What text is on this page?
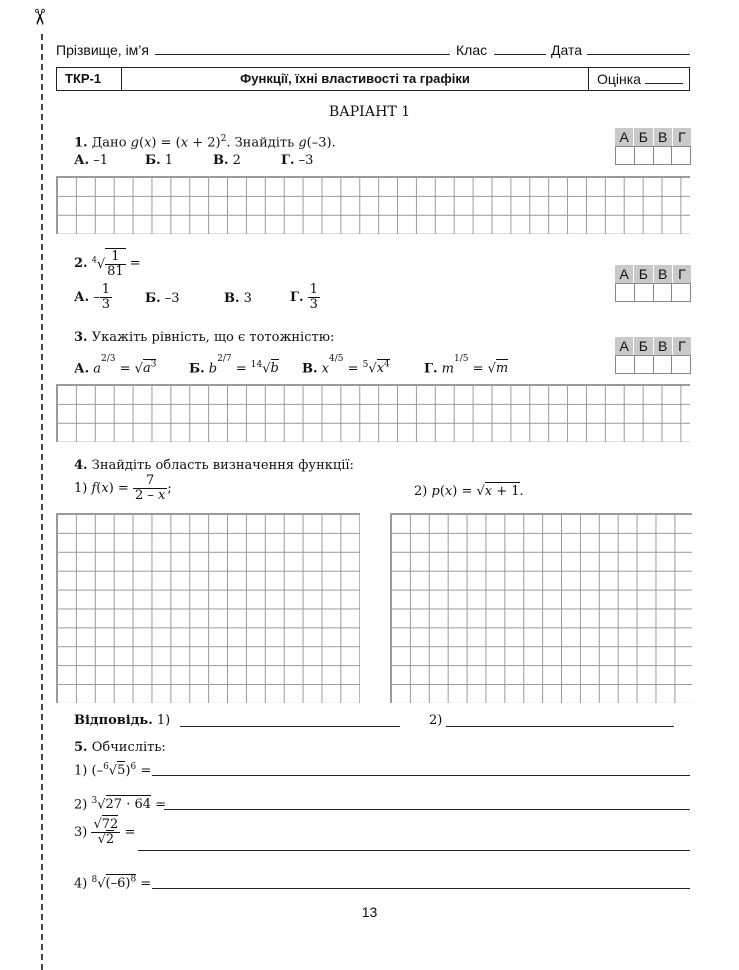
✂
Прізвище, ім’я	Клас	Дата
ТКР-1	Функції, їхні властивості та графіки	Оцінка
ВАРІАНТ 1
1. Дано $g(x) = (x + 2)^2$. Знайдіть g(–3).
А. –1	Б. 1	В. 2	Г. –3
А Б В Г
2. $^4√ \frac{1}{81}$ =
А. – $\frac{1}{3}$	Б. –3	В. 3	Г. $\frac{1}{3}$
А Б В Г
3. Укажіть рівність, що є тотожністю:
А. $a^{2/3} = √a^3$	Б. $b^{2/7} = ^{14}√b$ В. $x^{4/5} = ^5√x^4$	Г. $m^{1/5} = √m$
А Б В Г
4. Знайдіть область визначення функції:
1) $f(x) = \frac{7}{2 - x}$ ;	2) p(x) = √x + 1.
Відповідь. 1)	2)
5. Обчисліть:
1) $(-^6√5)^6$ =
2) $^3$√27 · 64 =
$3) \frac{√72}{√2}$ =
4) $^8√(-6)^8$ =
13
